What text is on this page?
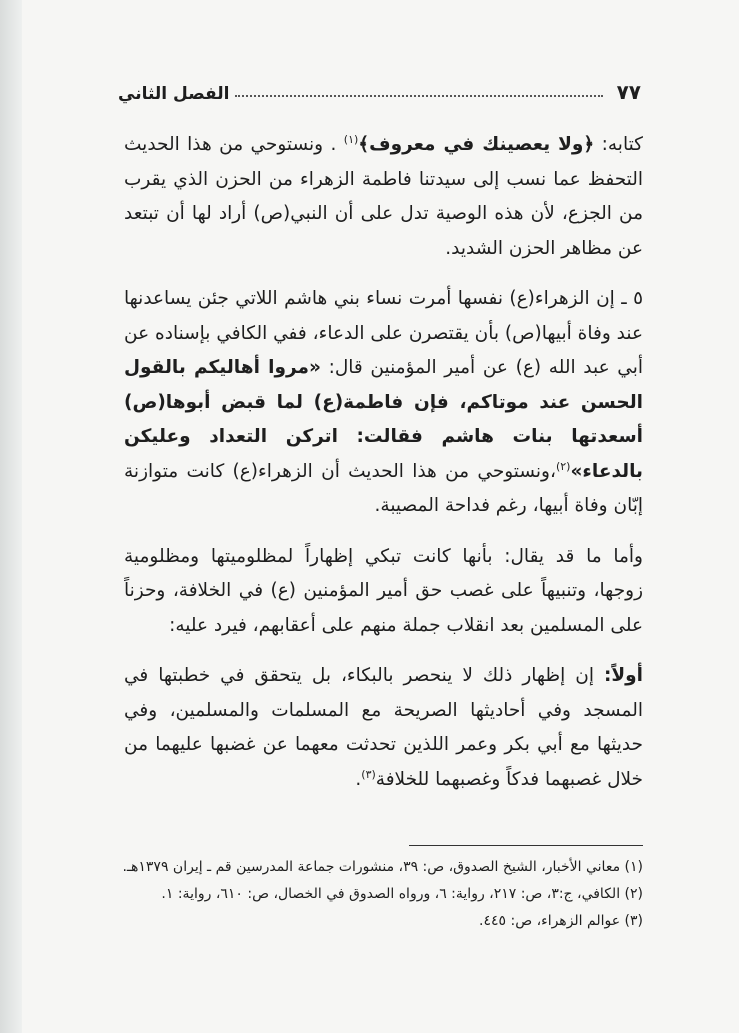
٧٧
الفصل الثاني

كتابه: ﴿ولا يعصينك في معروف﴾$^{(١)}$ . ونستوحي من هذا الحديث التحفظ عما نسب إلى سيدتنا فاطمة الزهراء من الحزن الذي يقرب من الجزع، لأن هذه الوصية تدل على أن النبي(ص) أراد لها أن تبتعد عن مظاهر الحزن الشديد.

٥ ـ إن الزهراء(ع) نفسها أمرت نساء بني هاشم اللاتي جئن يساعدنها عند وفاة أبيها(ص) بأن يقتصرن على الدعاء، ففي الكافي بإسناده عن أبي عبد الله (ع) عن أمير المؤمنين قال: «مروا أهاليكم بالقول الحسن عند موتاكم، فإن فاطمة(ع) لما قبض أبوها(ص) أسعدتها بنات هاشم فقالت: اتركن التعداد وعليكن بالدعاء»$^{(٢)}$،ونستوحي من هذا الحديث أن الزهراء(ع) كانت متوازنة إبّان وفاة أبيها، رغم فداحة المصيبة.

وأما ما قد يقال: بأنها كانت تبكي إظهاراً لمظلوميتها ومظلومية زوجها، وتنبيهاً على غصب حق أمير المؤمنين (ع) في الخلافة، وحزناً على المسلمين بعد انقلاب جملة منهم على أعقابهم، فيرد عليه:

أولاً: إن إظهار ذلك لا ينحصر بالبكاء، بل يتحقق في خطبتها في المسجد وفي أحاديثها الصريحة مع المسلمات والمسلمين، وفي حديثها مع أبي بكر وعمر اللذين تحدثت معهما عن غضبها عليهما من خلال غصبهما فدكاً وغصبهما للخلافة$^{(٣)}$.

(١) معاني الأخبار، الشيخ الصدوق، ص: ٣٩، منشورات جماعة المدرسين قم ـ إيران ١٣٧٩هـ.
(٢) الكافي، ج:٣، ص: ٢١٧، رواية: ٦، ورواه الصدوق في الخصال، ص: ٦١٠، رواية: ١.
(٣) عوالم الزهراء، ص: ٤٤٥.
